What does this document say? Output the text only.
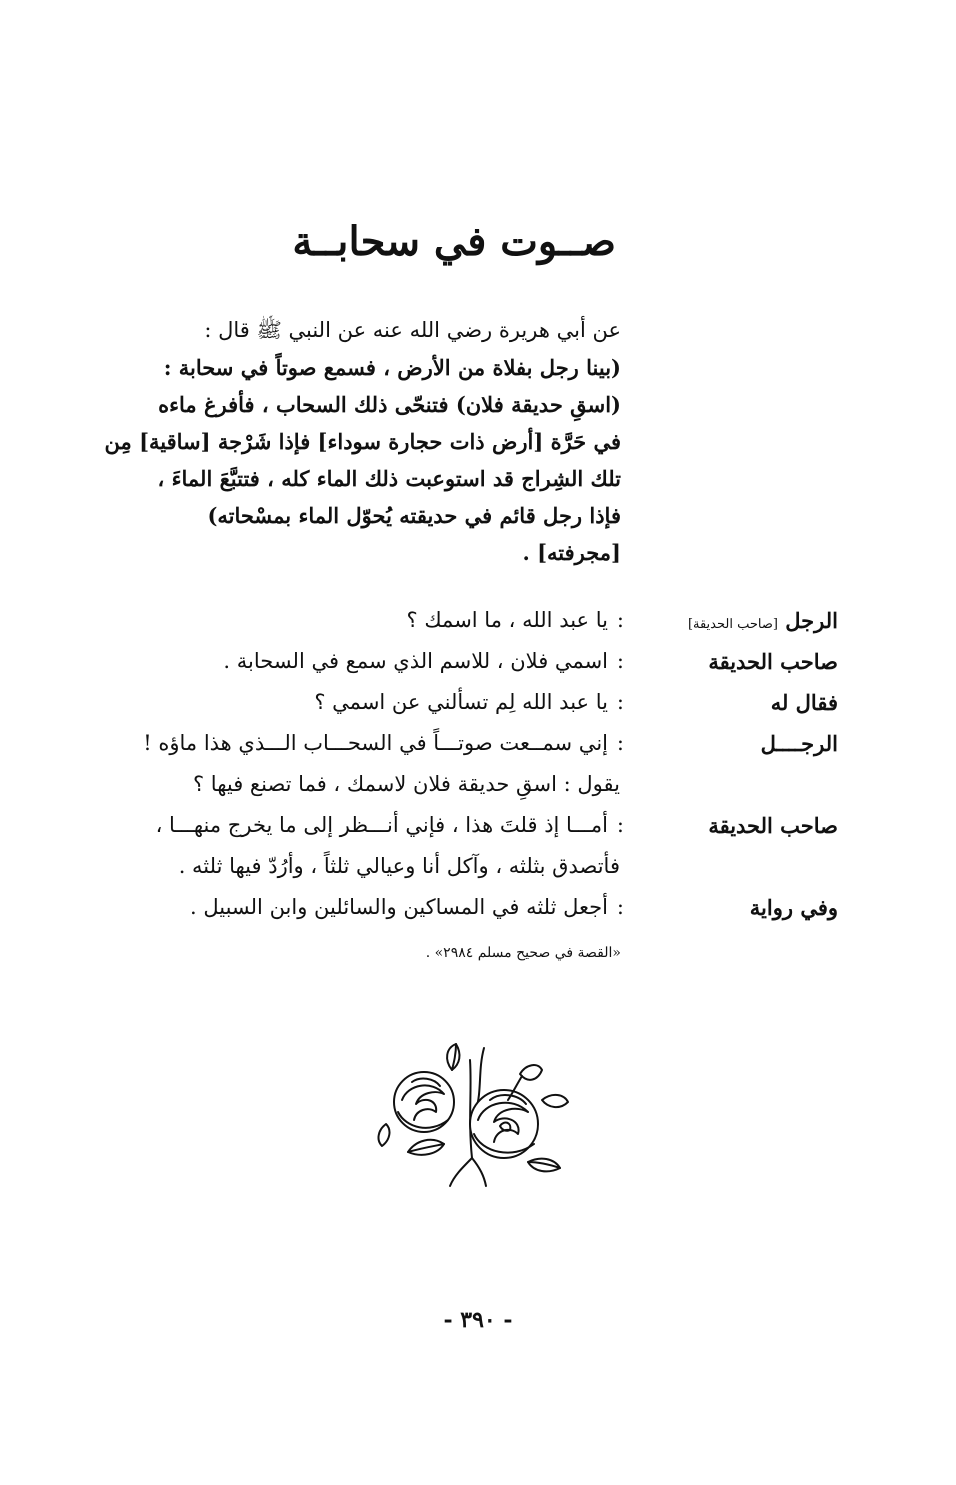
صــوت في سحابــة
عن أبي هريرة رضي الله عنه عن النبي ﷺ قال :
(بينا رجل بفلاة من الأرض ، فسمع صوتاً في سحابة :
(اسقِ حديقة فلان) فتنحّى ذلك السحاب ، فأفرغ ماءه
في حَرَّة [أرض ذات حجارة سوداء] فإذا شَرْجة [ساقية] مِن
تلك الشِراج قد استوعبت ذلك الماء كله ، فتتبَّعَ الماءَ ،
فإذا رجل قائم في حديقته يُحوّل الماء بمسْحاته)
[مجرفته] .
الرجل [صاحب الحديقة]
:
يا عبد الله ، ما اسمك ؟
صاحب الحديقة
:
اسمي فلان ، للاسم الذي سمع في السحابة .
فقال له
:
يا عبد الله لِم تسألني عن اسمي ؟
الرجــــل
:
إني سمــعت صوتـــاً في السحـــاب الـــذي هذا ماؤه !
يقول : اسقِ حديقة فلان لاسمك ، فما تصنع فيها ؟
صاحب الحديقة
:
أمـــا إذ قلتَ هذا ، فإني أنـــظر إلى ما يخرج منهـــا ،
فأتصدق بثلثه ، وآكل أنا وعيالي ثلثاً ، وأرُدّ فيها ثلثه .
وفي رواية
:
أجعل ثلثه في المساكين والسائلين وابن السبيل .
«القصة في صحيح مسلم ٢٩٨٤» .
- ٣٩٠ -
